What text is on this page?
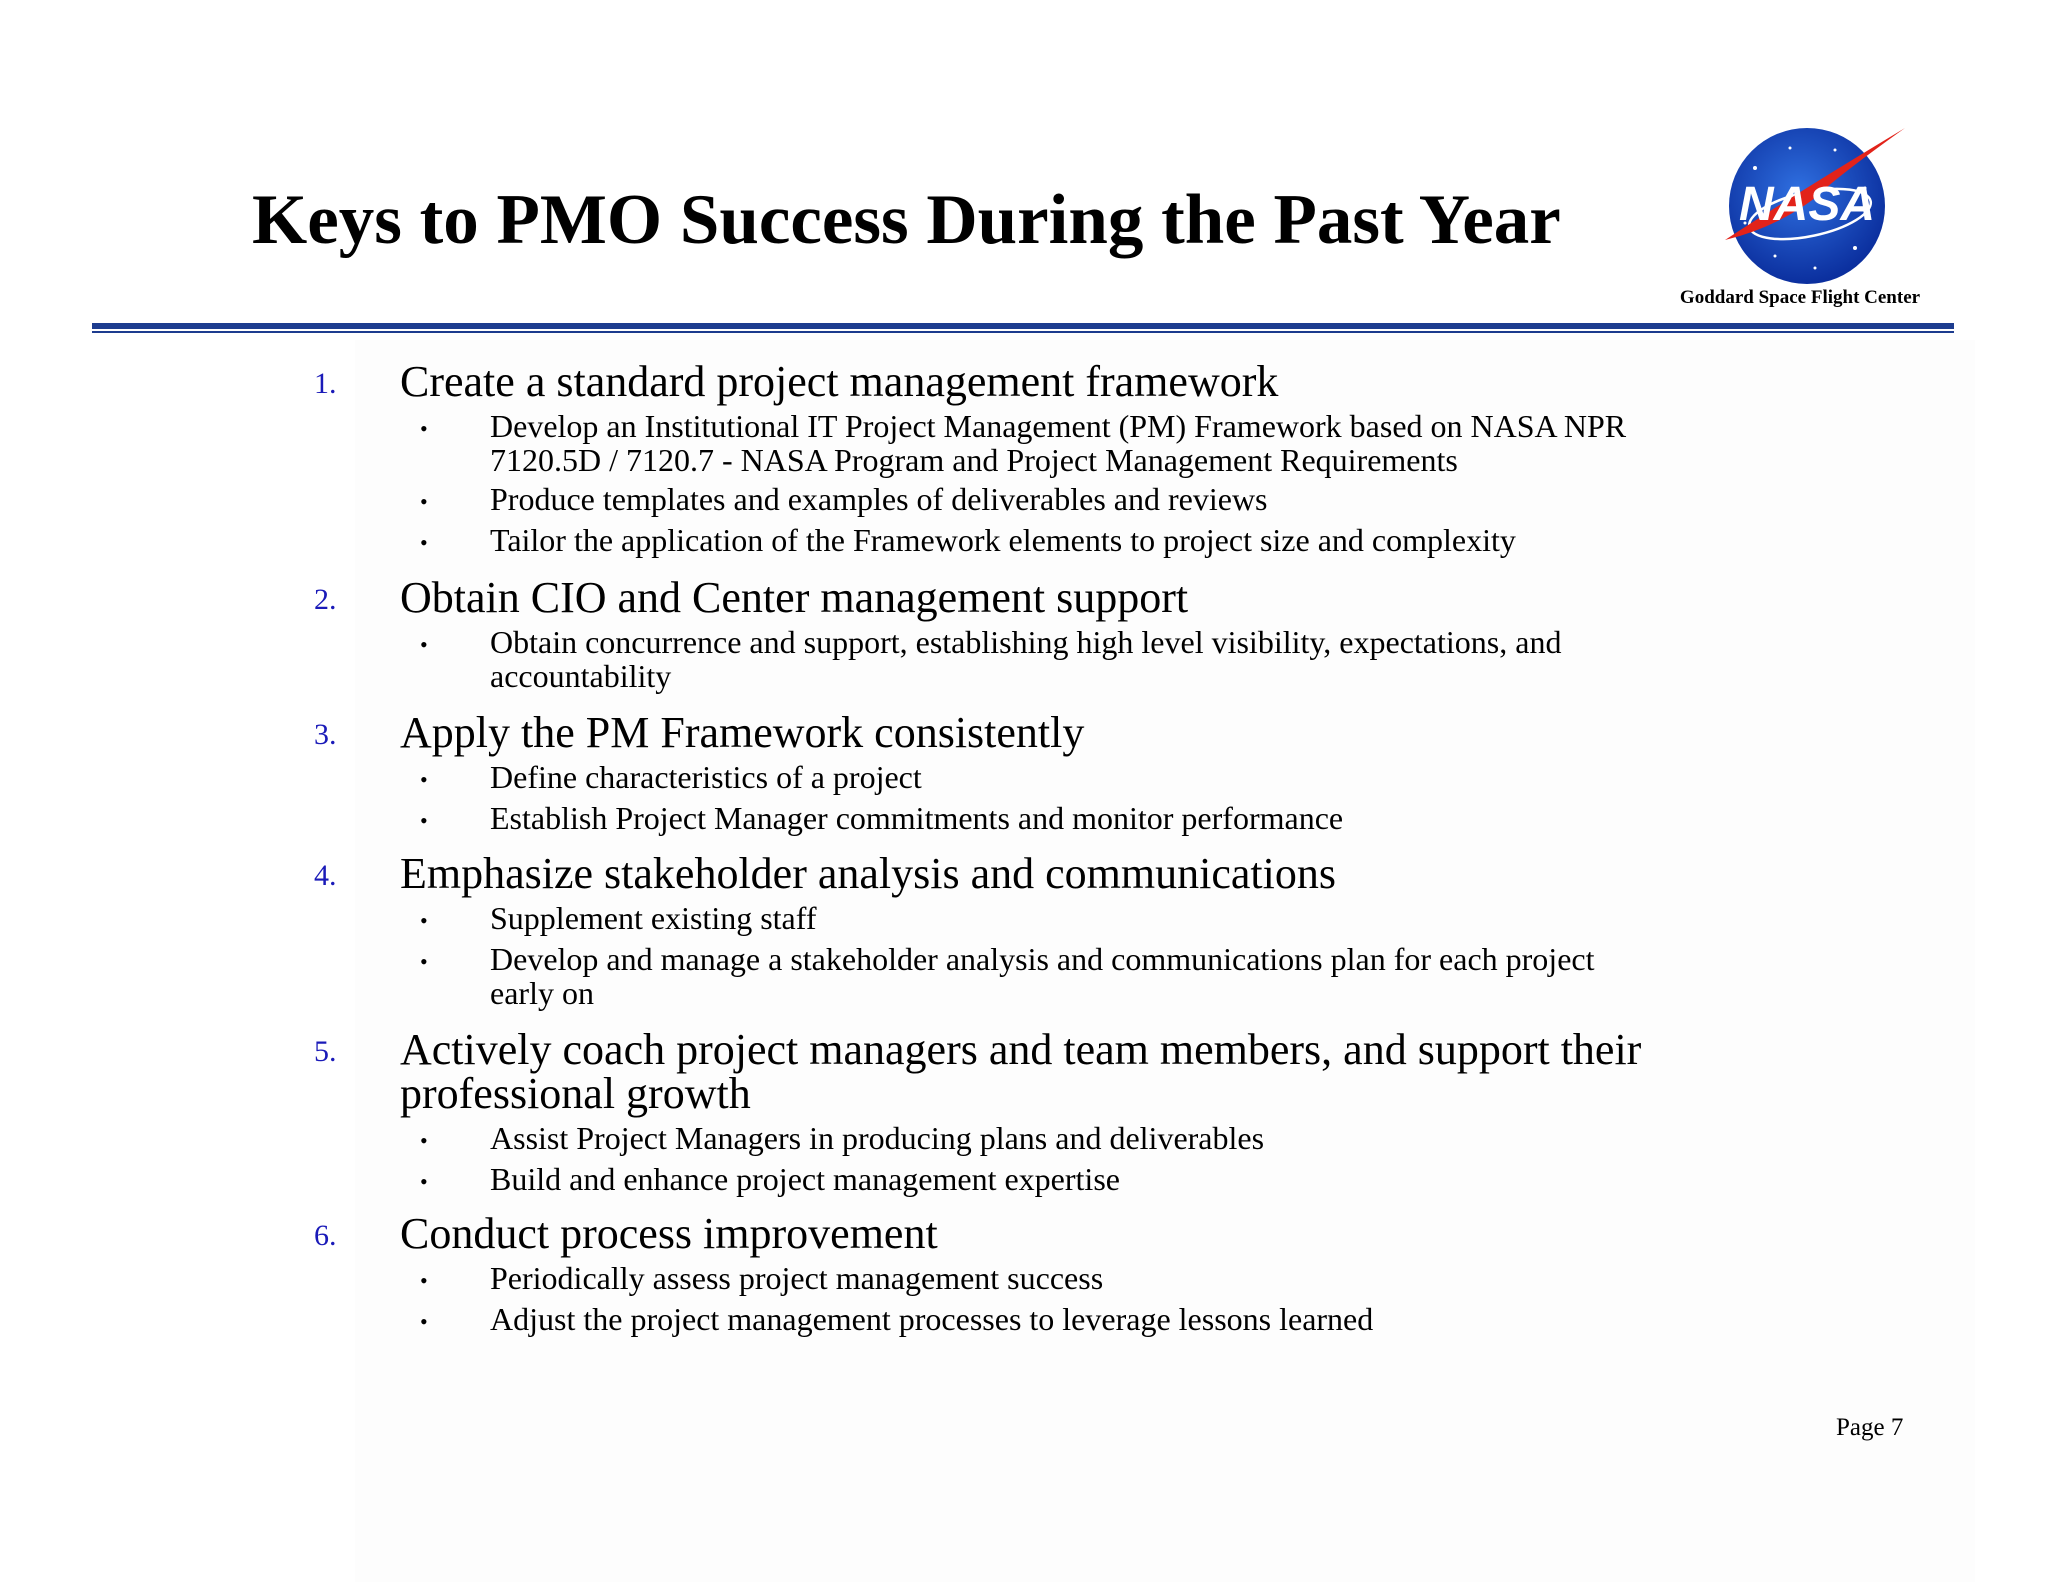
Keys to PMO Success During the Past Year	NASA
Goddard Space Flight Center
1. Create a standard project management framework
• Develop an Institutional IT Project Management (PM) Framework based on NASA NPR
7120.5D / 7120.7 - NASA Program and Project Management Requirements
• Produce templates and examples of deliverables and reviews
• Tailor the application of the Framework elements to project size and complexity
2. Obtain CIO and Center management support
• Obtain concurrence and support, establishing high level visibility, expectations, and
accountability
3. Apply the PM Framework consistently
• Define characteristics of a project
• Establish Project Manager commitments and monitor performance
4. Emphasize stakeholder analysis and communications
• Supplement existing staff
• Develop and manage a stakeholder analysis and communications plan for each project
early on
5. Actively coach project managers and team members, and support their
professional growth
• Assist Project Managers in producing plans and deliverables
• Build and enhance project management expertise
6. Conduct process improvement
• Periodically assess project management success
• Adjust the project management processes to leverage lessons learned
Page 7
